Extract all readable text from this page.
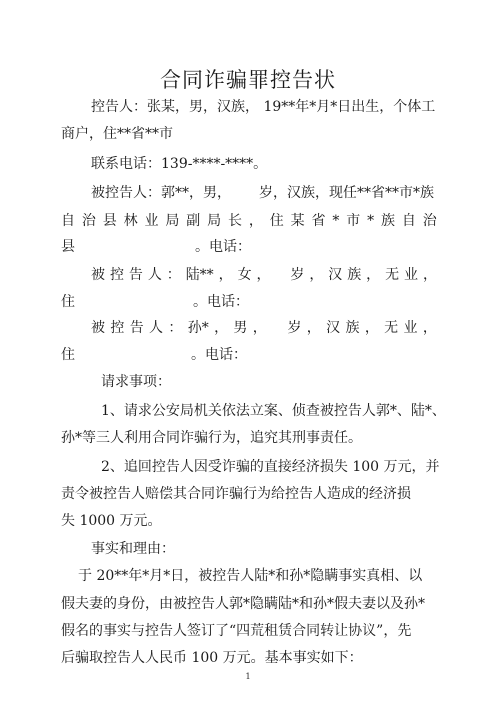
合同诈骗罪控告状
控告人：张某，男，汉族， 19**年*月*日出生，个体工
商户，住**省**市
联系电话：139-****-****。
被控告人：郭**，男， 岁，汉族，现任**省**市*族
自 治 县 林 业 局 副 局 长 ， 住 某 省 * 市 * 族 自 治
县	。电话：
被 控 告 人 ： 陆** ， 女 ， 岁 ， 汉 族 ， 无 业 ，
住	。电话：
被 控 告 人 ： 孙* ， 男 ， 岁 ， 汉 族 ， 无 业 ，
住	。电话：
请求事项：
1、请求公安局机关依法立案、侦查被控告人郭*、陆*、
孙*等三人利用合同诈骗行为，追究其刑事责任。
2、追回控告人因受诈骗的直接经济损失 100 万元，并
责令被控告人赔偿其合同诈骗行为给控告人造成的经济损
失 1000 万元。
事实和理由：
于 20**年*月*日，被控告人陆*和孙*隐瞒事实真相、以
假夫妻的身份，由被控告人郭*隐瞒陆*和孙*假夫妻以及孙*
假名的事实与控告人签订了“四荒租赁合同转让协议”，先
后骗取控告人人民币 100 万元。基本事实如下：
1
